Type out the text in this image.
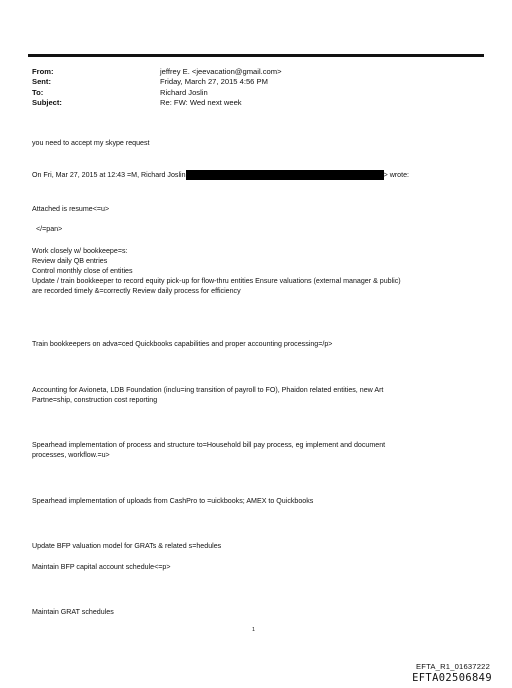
From:	jeffrey E. <jeevacation@gmail.com>
Sent:	Friday, March 27, 2015 4:56 PM
To:	Richard Joslin
Subject:	Re: FW: Wed next week
you need to accept my skype request
On Fri, Mar 27, 2015 at 12:43 =M, Richard Joslin	> wrote:
Attached is resume<=u>
</=pan>
Work closely w/ bookkeepe=s:
Review daily QB entries
Control monthly close of entities
Update / train bookkeeper to record equity pick-up for flow-thru entities Ensure valuations (external manager & public)
are recorded timely &=correctly Review daily process for efficiency
Train bookkeepers on adva=ced Quickbooks capabilities and proper accounting processing=/p>
Accounting for Avioneta, LDB Foundation (inclu=ing transition of payroll to FO), Phaidon related entities, new Art
Partne=ship, construction cost reporting
Spearhead implementation of process and structure to=Household bill pay process, eg implement and document
processes, workflow.=u>
Spearhead implementation of uploads from CashPro to =uickbooks; AMEX to Quickbooks
Update BFP valuation model for GRATs & related s=hedules
Maintain BFP capital account schedule<=p>
Maintain GRAT schedules
1
EFTA_R1_01637222
EFTA02506849
